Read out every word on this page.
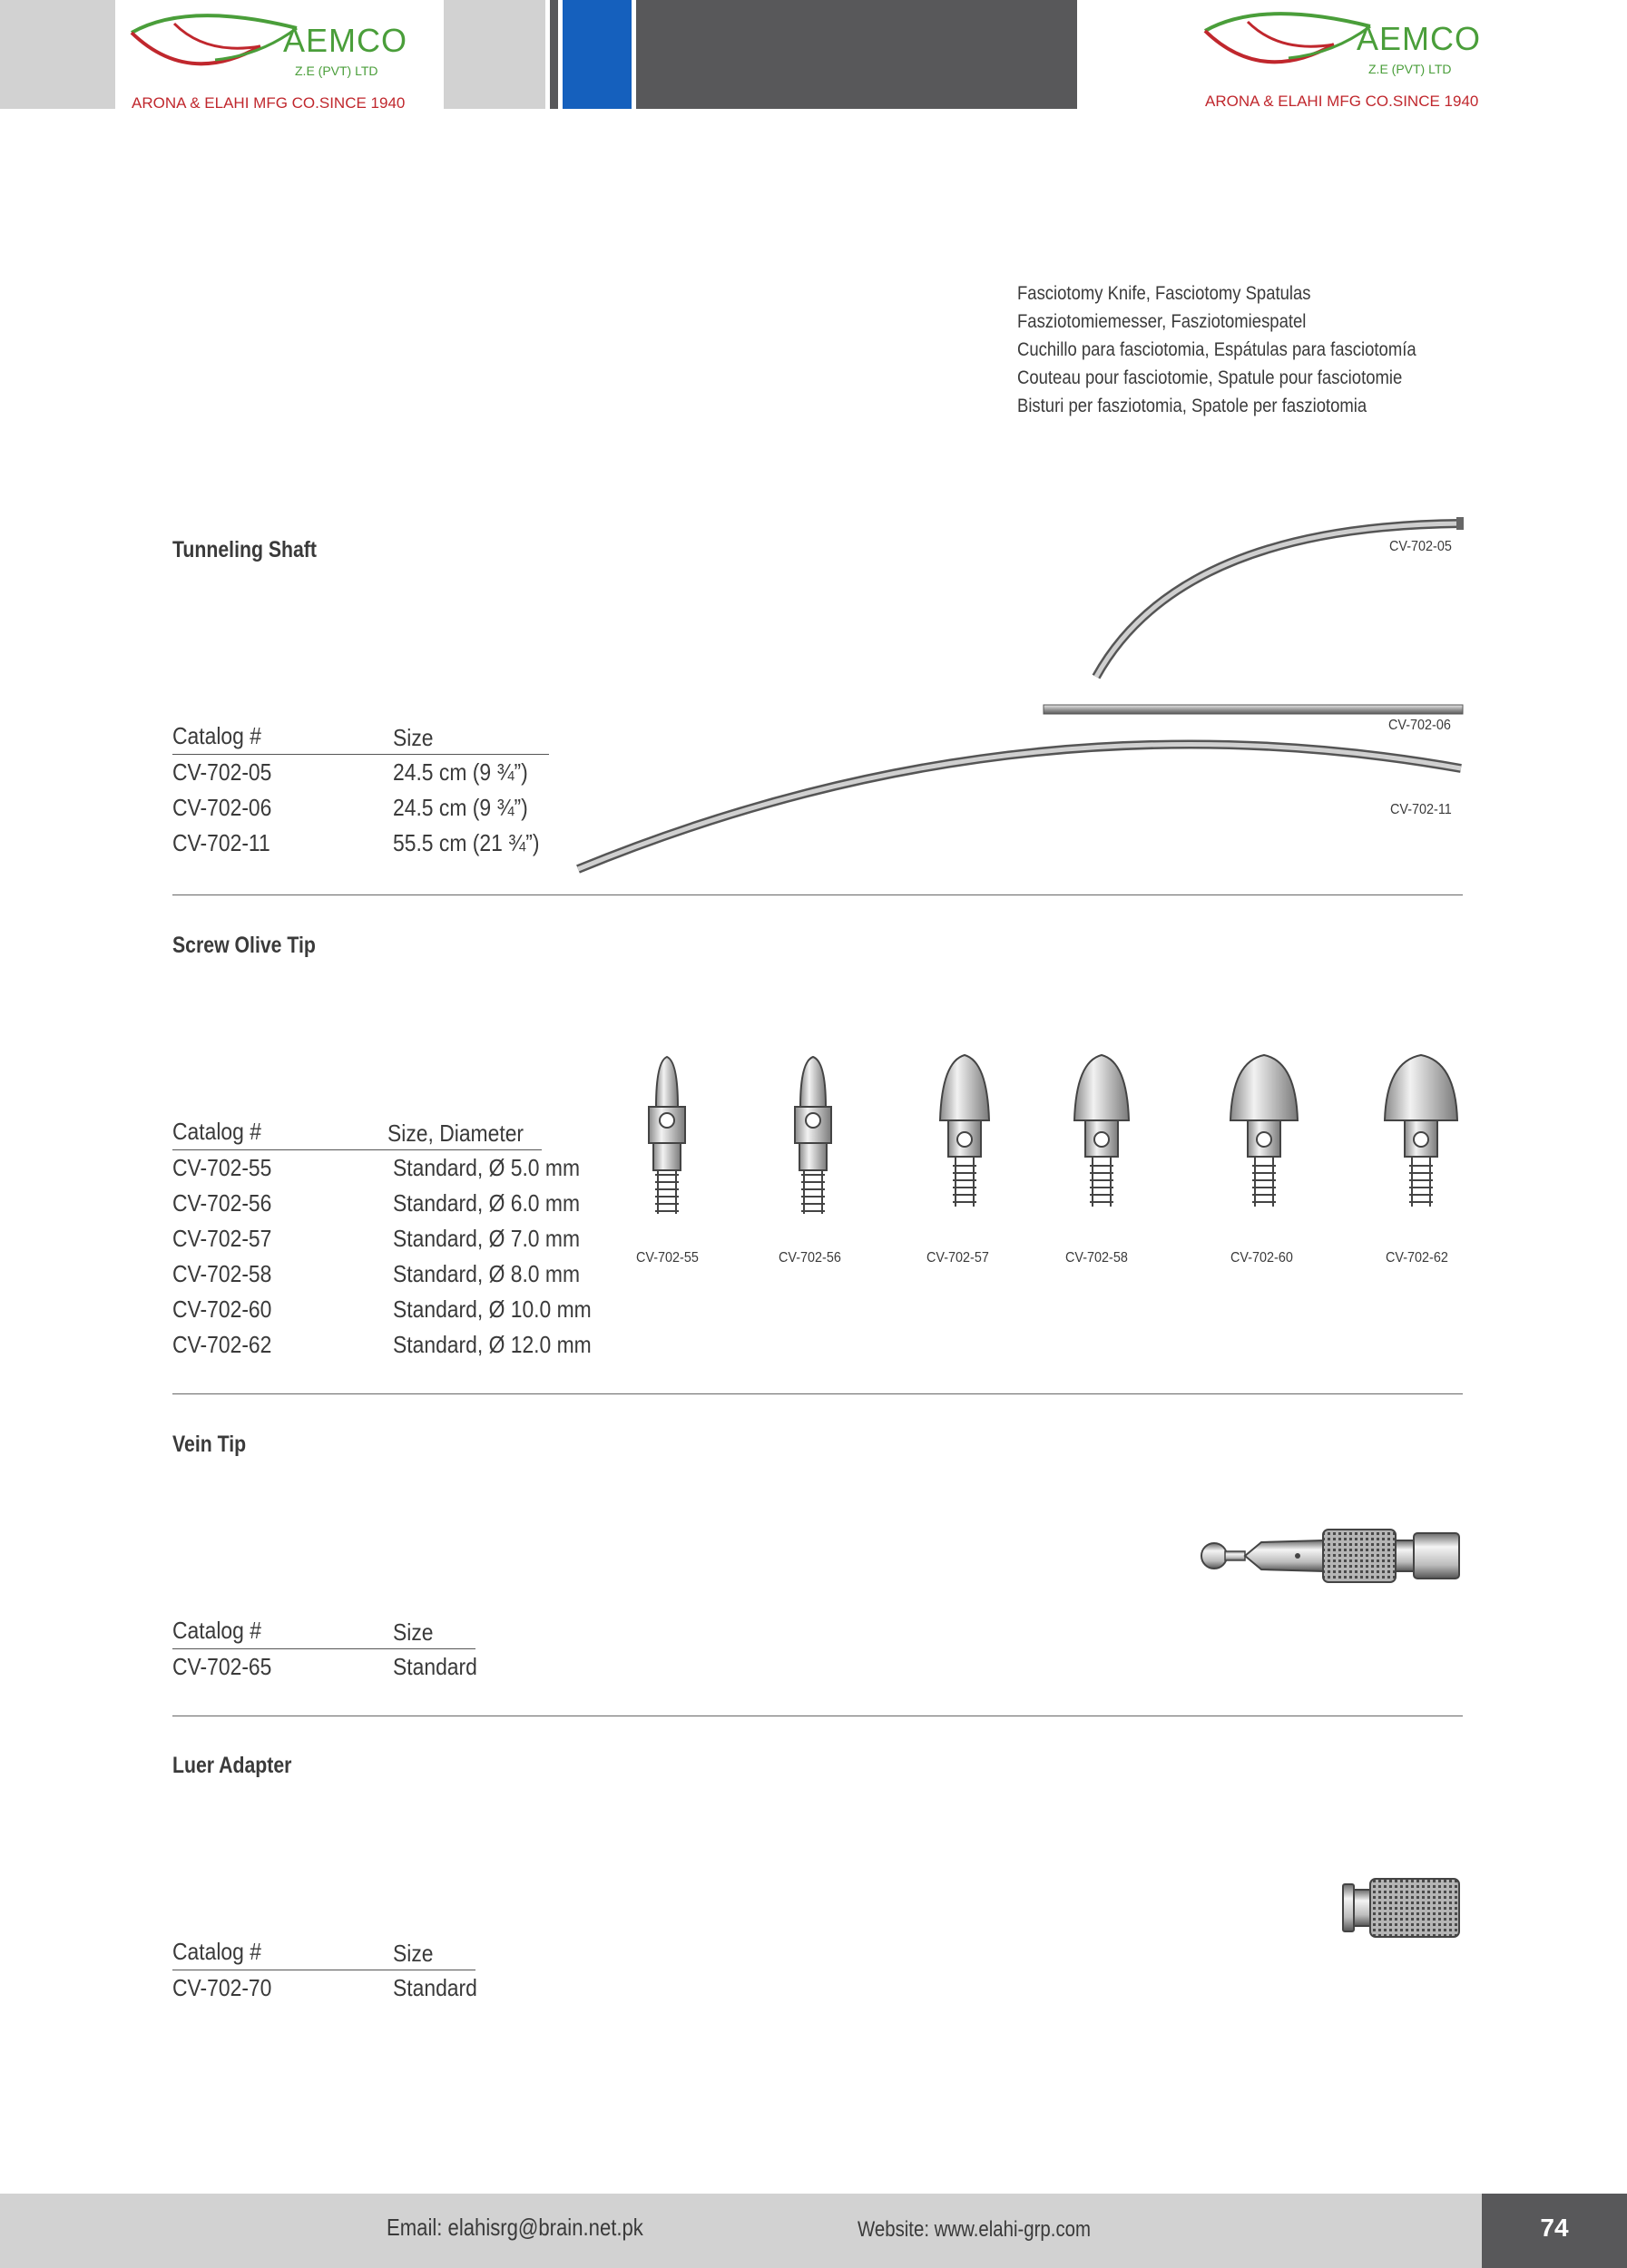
AEMCO
Z.E (PVT) LTD
ARONA & ELAHI MFG CO.SINCE 1940
AEMCO
Z.E (PVT) LTD
ARONA & ELAHI MFG CO.SINCE 1940
Fasciotomy Knife, Fasciotomy Spatulas
Fasziotomiemesser, Fasziotomiespatel
Cuchillo para fasciotomia, Espátulas para fasciotomía
Couteau pour fasciotomie, Spatule pour fasciotomie
Bisturi per fasziotomia, Spatole per fasziotomia
Tunneling Shaft
Catalog #	Size
CV-702-05	24.5 cm (9 ¾”)
CV-702-06	24.5 cm (9 ¾”)
CV-702-11	55.5 cm (21 ¾”)
CV-702-05
CV-702-06
CV-702-11
Screw Olive Tip
Catalog #	Size, Diameter
CV-702-55	Standard, Ø 5.0 mm
CV-702-56	Standard, Ø 6.0 mm
CV-702-57	Standard, Ø 7.0 mm
CV-702-58	Standard, Ø 8.0 mm
CV-702-60	Standard, Ø 10.0 mm
CV-702-62	Standard, Ø 12.0 mm
CV-702-55	CV-702-56	CV-702-57	CV-702-58	CV-702-60	CV-702-62
Vein Tip
Catalog #	Size
CV-702-65	Standard
Luer Adapter
Catalog #	Size
CV-702-70	Standard
Email: elahisrg@brain.net.pk	Website: www.elahi-grp.com	74
